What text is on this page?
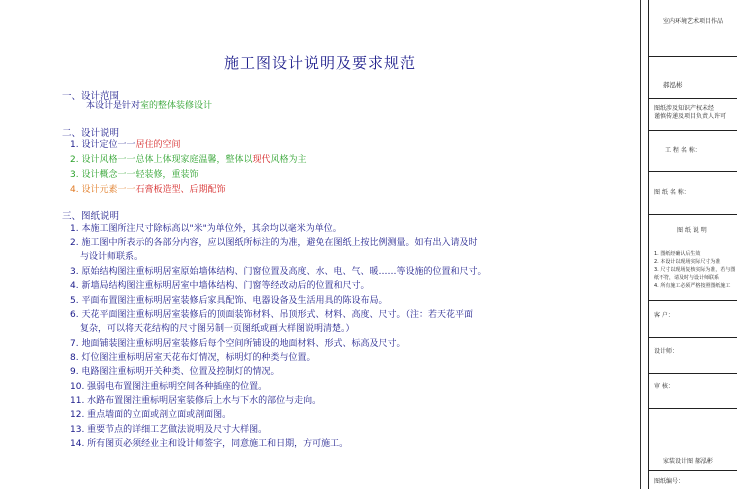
施工图设计说明及要求规范
一、设计范围
本设计是针对室的整体装修设计
二、设计说明
1. 设计定位一一居住的空间
2. 设计风格一一总体上体现家庭温馨，整体以现代风格为主
3. 设计概念一一轻装修，重装饰
4. 设计元素一一石膏板造型、后期配饰
三、图纸说明
1. 本施工图所注尺寸除标高以"米"为单位外，其余均以毫米为单位。
2. 施工图中所表示的各部分内容，应以图纸所标注的为准，避免在图纸上按比例测量。如有出入请及时
与设计师联系。
3. 原始结构图注重标明居室原始墙体结构、门窗位置及高度、水、电、气、暖……等设施的位置和尺寸。
4. 新墙局结构图注重标明居室中墙体结构、门窗等经改动后的位置和尺寸。
5. 平面布置图注重标明居室装修后家具配饰、电器设备及生活用具的陈设布局。
6. 天花平面图注重标明居室装修后的顶面装饰材料、吊顶形式、材料、高度、尺寸。（注：若天花平面
复杂，可以将天花结构的尺寸图另制一页图纸或画大样图说明清楚。）
7. 地面铺装图注重标明居室装修后每个空间所铺设的地面材料、形式、标高及尺寸。
8. 灯位图注重标明居室天花布灯情况，标明灯的种类与位置。
9. 电路图注重标明开关种类、位置及控制灯的情况。
10. 强弱电布置图注重标明空间各种插座的位置。
11. 水路布置图注重标明居室装修后上水与下水的部位与走向。
12. 重点墙面的立面或剖立面或剖面图。
13. 重要节点的详细工艺做法说明及尺寸大样图。
14. 所有图页必须经业主和设计师签字，同意施工和日期，方可施工。
室内环境艺术项目作品
郝泓彬
图纸涉及知识产权未经
谨慎传递及项目负责人许可
工 程 名 称：
图 纸 名 称：
图 纸 说 明
1. 图纸经确认后生效
2. 本设计以现场实际尺寸为准
3. 尺寸以现场复核实际为准，若与图
纸不符，请及时与设计师联系
4. 所有施工必须严格按照图纸施工
客 户：
设计师：
审 核：
家装设计图 郝泓彬
图纸编号：
